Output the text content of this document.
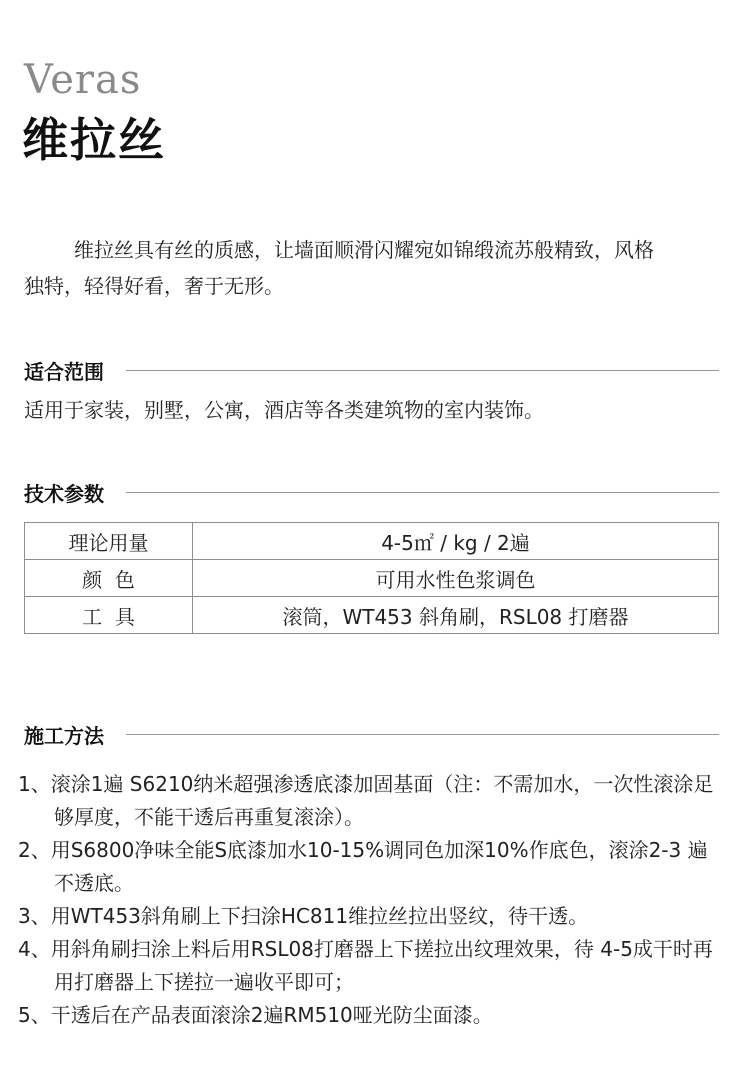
Veras
维拉丝

维拉丝具有丝的质感，让墙面顺滑闪耀宛如锦缎流苏般精致，风格

独特，轻得好看，奢于无形。

适合范围
适用于家装，别墅，公寓，酒店等各类建筑物的室内装饰。
技术参数
理论用量	4-5㎡ / kg / 2遍
颜  色	可用水性色浆调色
工  具	滚筒，WT453 斜角刷，RSL08 打磨器
施工方法
1、滚涂1遍 S6210纳米超强渗透底漆加固基面（注：不需加水，一次性滚涂足够厚度，不能干透后再重复滚涂）。
2、用S6800净味全能S底漆加水10-15%调同色加深10%作底色，滚涂2-3 遍不透底。
3、用WT453斜角刷上下扫涂HC811维拉丝拉出竖纹，待干透。
4、用斜角刷扫涂上料后用RSL08打磨器上下搓拉出纹理效果，待 4-5成干时再用打磨器上下搓拉一遍收平即可；
5、干透后在产品表面滚涂2遍RM510哑光防尘面漆。
